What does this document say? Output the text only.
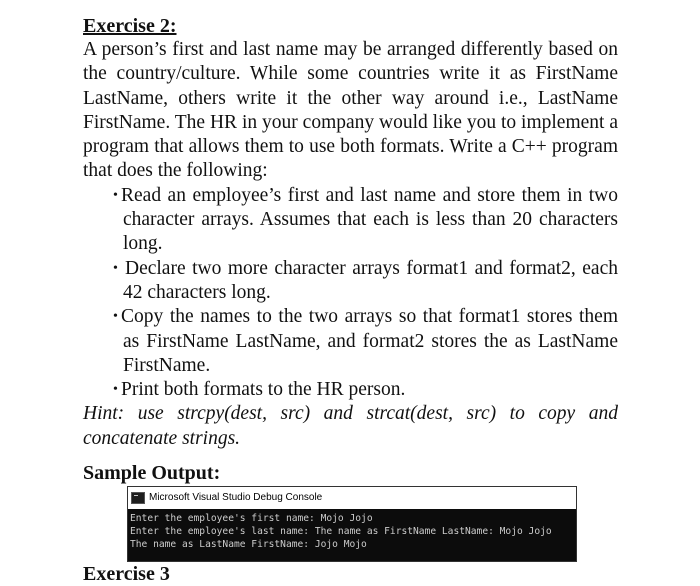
Exercise 2:

A person’s first and last name may be arranged differently based on the country/culture. While some countries write it as FirstName LastName, others write it the other way around i.e., LastName FirstName. The HR in your company would like you to implement a program that allows them to use both formats. Write a C++ program that does the following:

• Read an employee’s first and last name and store them in two character arrays. Assumes that each is less than 20 characters long.
• Declare two more character arrays format1 and format2, each 42 characters long.
• Copy the names to the two arrays so that format1 stores them as FirstName LastName, and format2 stores the as LastName FirstName.
• Print both formats to the HR person.

Hint: use strcpy(dest, src) and strcat(dest, src) to copy and concatenate strings.

Sample Output:

Microsoft Visual Studio Debug Console
Enter the employee's first name: Mojo Jojo
Enter the employee's last name: The name as FirstName LastName: Mojo Jojo
The name as LastName FirstName: Jojo Mojo
Exercise 3
